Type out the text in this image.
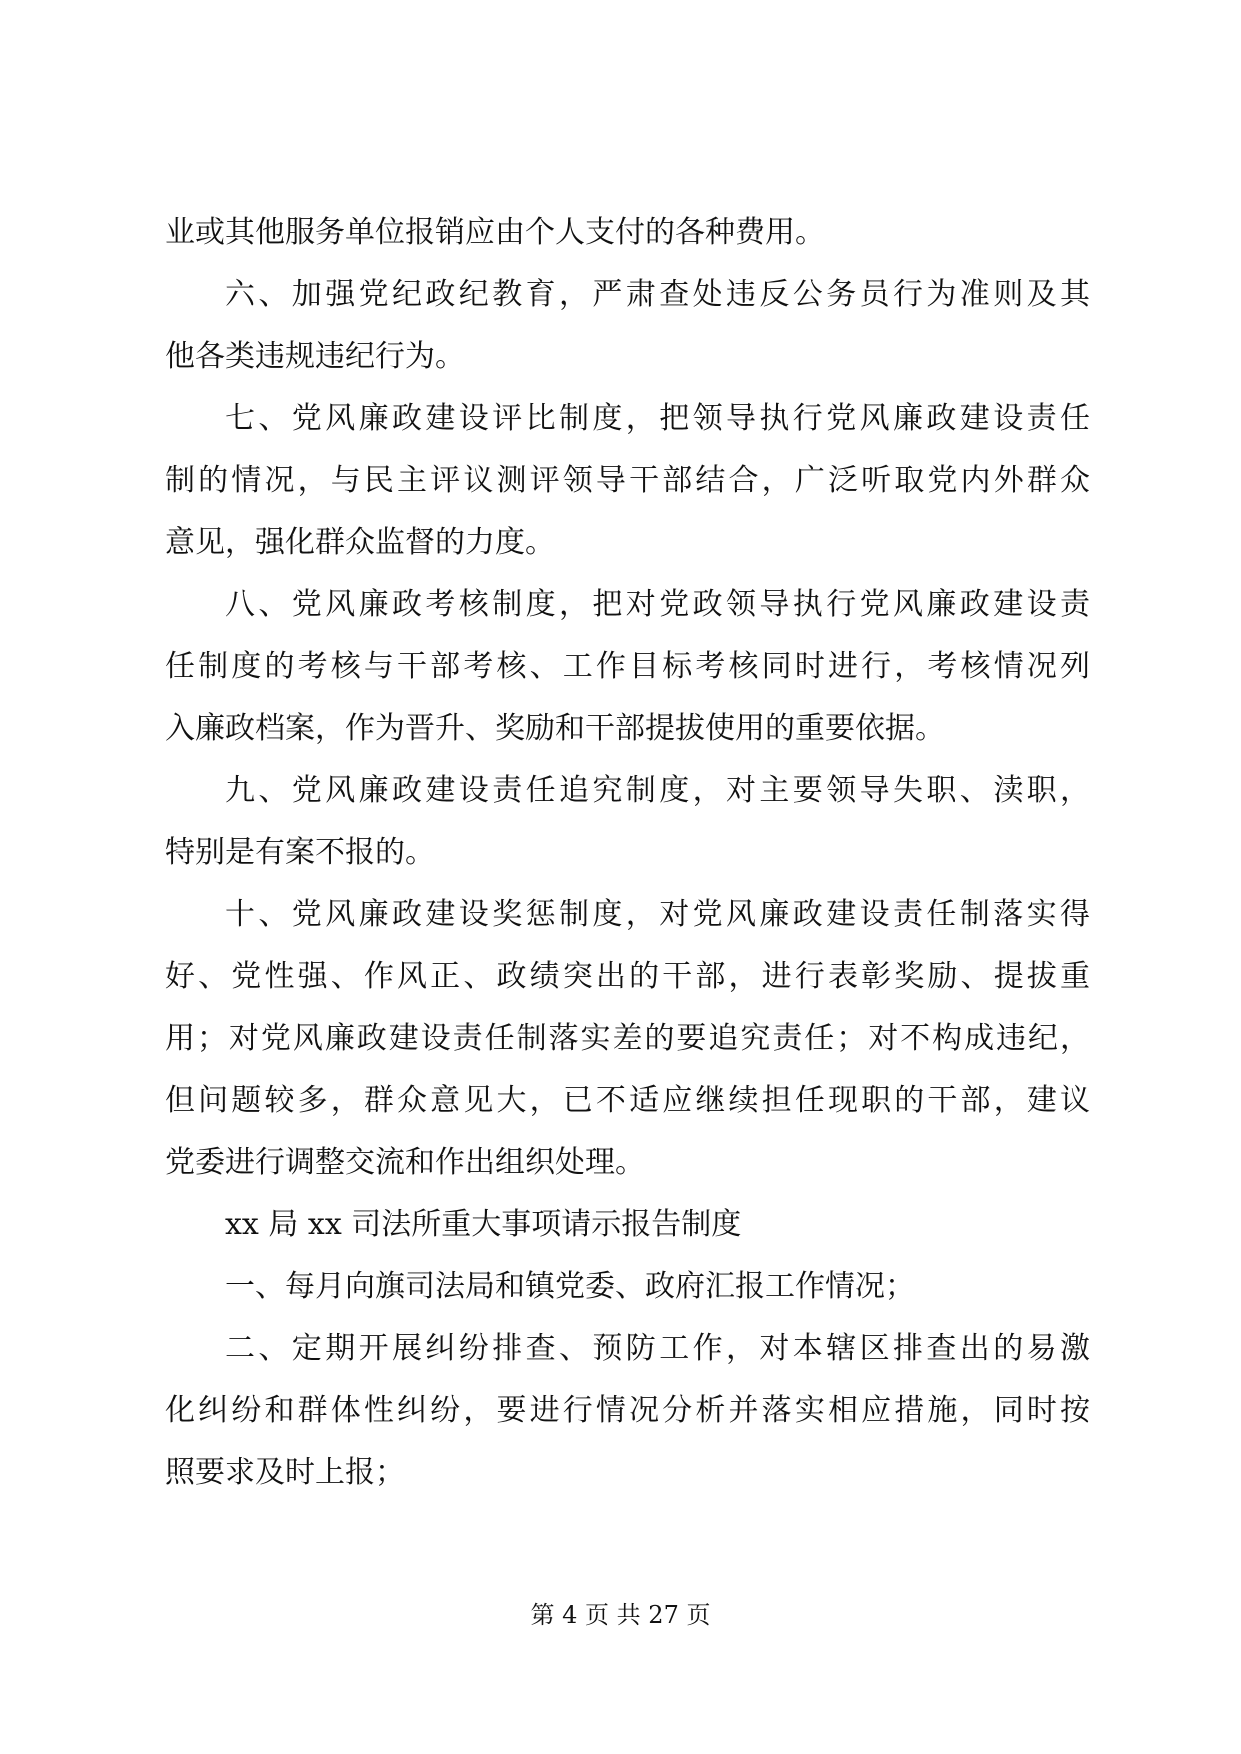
业或其他服务单位报销应由个人支付的各种费用。
六、加强党纪政纪教育，严肃查处违反公务员行为准则及其
他各类违规违纪行为。
七、党风廉政建设评比制度，把领导执行党风廉政建设责任
制的情况，与民主评议测评领导干部结合，广泛听取党内外群众
意见，强化群众监督的力度。
八、党风廉政考核制度，把对党政领导执行党风廉政建设责
任制度的考核与干部考核、工作目标考核同时进行，考核情况列
入廉政档案，作为晋升、奖励和干部提拔使用的重要依据。
九、党风廉政建设责任追究制度，对主要领导失职、渎职，
特别是有案不报的。
十、党风廉政建设奖惩制度，对党风廉政建设责任制落实得
好、党性强、作风正、政绩突出的干部，进行表彰奖励、提拔重
用；对党风廉政建设责任制落实差的要追究责任；对不构成违纪，
但问题较多，群众意见大，已不适应继续担任现职的干部，建议
党委进行调整交流和作出组织处理。
xx 局 xx 司法所重大事项请示报告制度
一、每月向旗司法局和镇党委、政府汇报工作情况；
二、定期开展纠纷排查、预防工作，对本辖区排查出的易激
化纠纷和群体性纠纷，要进行情况分析并落实相应措施，同时按
照要求及时上报；
第 4 页 共 27 页
